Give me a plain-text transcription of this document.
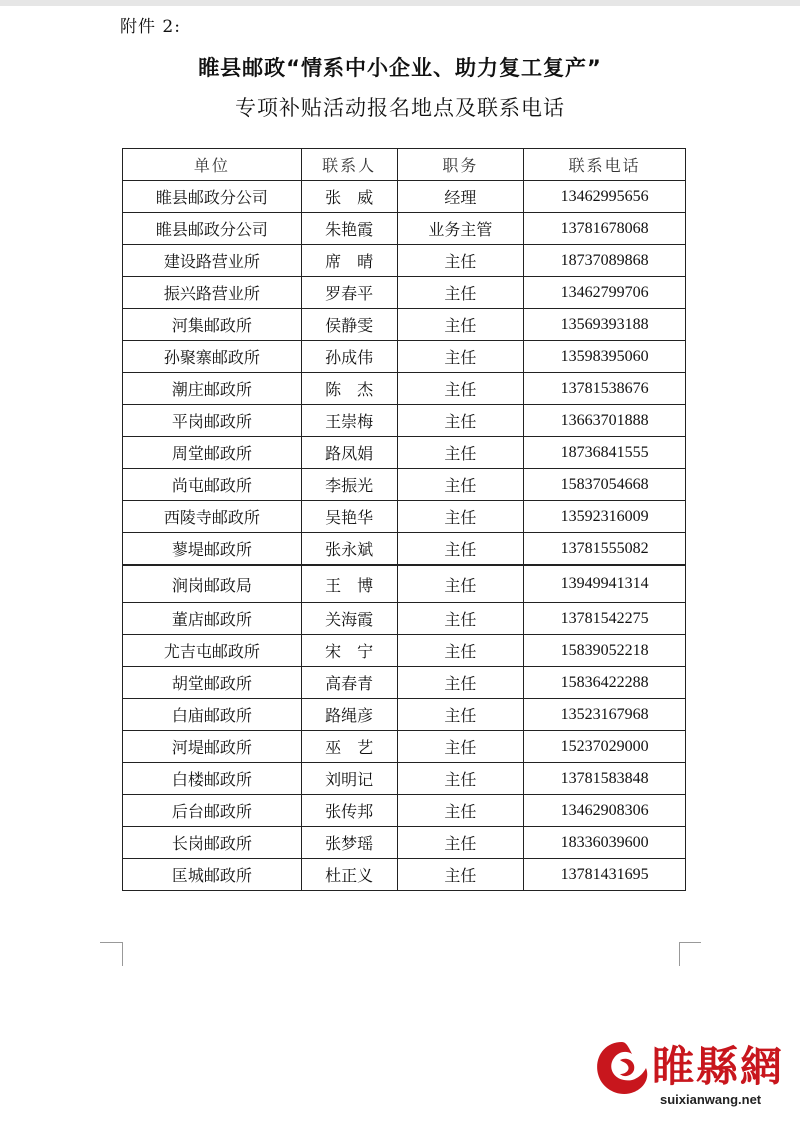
附件 2:
睢县邮政“情系中小企业、助力复工复产”
专项补贴活动报名地点及联系电话
单位	联系人	职务	联系电话
睢县邮政分公司	张　威	经理	13462995656
睢县邮政分公司	朱艳霞	业务主管	13781678068
建设路营业所	席　晴	主任	18737089868
振兴路营业所	罗春平	主任	13462799706
河集邮政所	侯静雯	主任	13569393188
孙聚寨邮政所	孙成伟	主任	13598395060
潮庄邮政所	陈　杰	主任	13781538676
平岗邮政所	王崇梅	主任	13663701888
周堂邮政所	路凤娟	主任	18736841555
尚屯邮政所	李振光	主任	15837054668
西陵寺邮政所	吴艳华	主任	13592316009
蓼堤邮政所	张永斌	主任	13781555082
涧岗邮政局	王　博	主任	13949941314
董店邮政所	关海霞	主任	13781542275
尤吉屯邮政所	宋　宁	主任	15839052218
胡堂邮政所	高春青	主任	15836422288
白庙邮政所	路绳彦	主任	13523167968
河堤邮政所	巫　艺	主任	15237029000
白楼邮政所	刘明记	主任	13781583848
后台邮政所	张传邦	主任	13462908306
长岗邮政所	张梦瑶	主任	18336039600
匡城邮政所	杜正义	主任	13781431695
睢縣網
suixianwang.net
